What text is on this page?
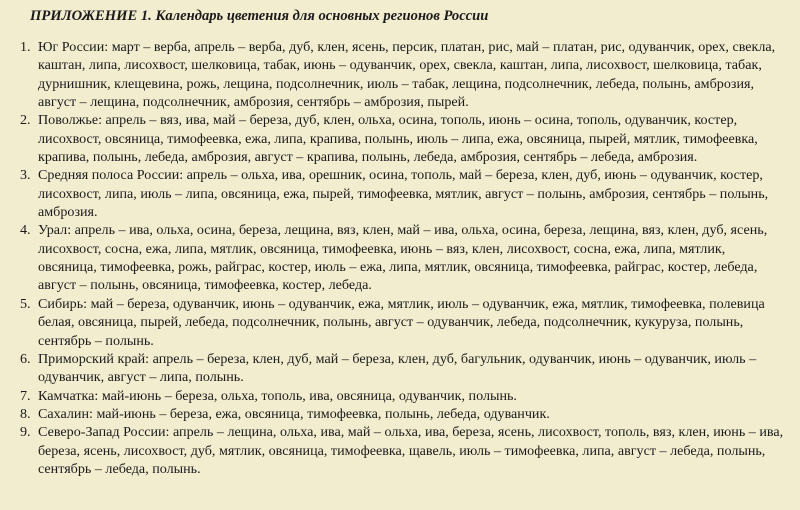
ПРИЛОЖЕНИЕ 1. Календарь цветения для основных регионов России
1. Юг России: март – верба, апрель – верба, дуб, клен, ясень, персик, платан, рис, май – платан, рис, одуванчик, орех, свекла, каштан, липа, лисохвост, шелковица, табак, июнь – одуванчик, орех, свекла, каштан, липа, лисохвост, шелковица, табак, дурнишник, клещевина, рожь, лещина, подсолнечник, июль – табак, лещина, подсолнечник, лебеда, полынь, амброзия, август – лещина, подсолнечник, амброзия, сентябрь – амброзия, пырей.
2. Поволжье: апрель – вяз, ива, май – береза, дуб, клен, ольха, осина, тополь, июнь – осина, тополь, одуванчик, костер, лисохвост, овсяница, тимофеевка, ежа, липа, крапива, полынь, июль – липа, ежа, овсяница, пырей, мятлик, тимофеевка, крапива, полынь, лебеда, амброзия, август – крапива, полынь, лебеда, амброзия, сентябрь – лебеда, амброзия.
3. Средняя полоса России: апрель – ольха, ива, орешник, осина, тополь, май – береза, клен, дуб, июнь – одуванчик, костер, лисохвост, липа, июль – липа, овсяница, ежа, пырей, тимофеевка, мятлик, август – полынь, амброзия, сентябрь – полынь, амброзия.
4. Урал: апрель – ива, ольха, осина, береза, лещина, вяз, клен, май – ива, ольха, осина, береза, лещина, вяз, клен, дуб, ясень, лисохвост, сосна, ежа, липа, мятлик, овсяница, тимофеевка, июнь – вяз, клен, лисохвост, сосна, ежа, липа, мятлик, овсяница, тимофеевка, рожь, райграс, костер, июль – ежа, липа, мятлик, овсяница, тимофеевка, райграс, костер, лебеда, август – полынь, овсяница, тимофеевка, костер, лебеда.
5. Сибирь: май – береза, одуванчик, июнь – одуванчик, ежа, мятлик, июль – одуванчик, ежа, мятлик, тимофеевка, полевица белая, овсяница, пырей, лебеда, подсолнечник, полынь, август – одуванчик, лебеда, подсолнечник, кукуруза, полынь, сентябрь – полынь.
6. Приморский край: апрель – береза, клен, дуб, май – береза, клен, дуб, багульник, одуванчик, июнь – одуванчик, июль – одуванчик, август – липа, полынь.
7. Камчатка: май-июнь – береза, ольха, тополь, ива, овсяница, одуванчик, полынь.
8. Сахалин: май-июнь – береза, ежа, овсяница, тимофеевка, полынь, лебеда, одуванчик.
9. Северо-Запад России: апрель – лещина, ольха, ива, май – ольха, ива, береза, ясень, лисохвост, тополь, вяз, клен, июнь – ива, береза, ясень, лисохвост, дуб, мятлик, овсяница, тимофеевка, щавель, июль – тимофеевка, липа, август – лебеда, полынь, сентябрь – лебеда, полынь.
